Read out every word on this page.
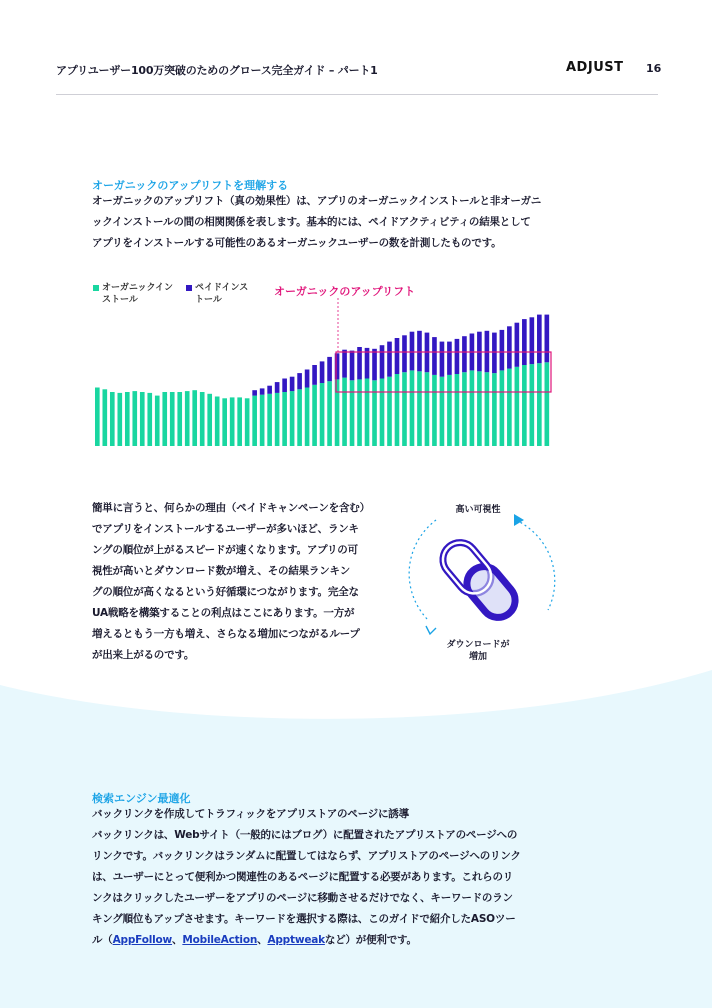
アプリユーザー100万突破のためのグロース完全ガイド – パート1	ADJUST 16
オーガニックのアップリフトを理解する
オーガニックのアップリフト（真の効果性）は、アプリのオーガニックインストールと非オーガニ
ックインストールの間の相関関係を表します。基本的には、ペイドアクティビティの結果として
アプリをインストールする可能性のあるオーガニックユーザーの数を計測したものです。
オーガニックインストール
ペイドインストール
オーガニックのアップリフト
簡単に言うと、何らかの理由（ペイドキャンペーンを含む）
でアプリをインストールするユーザーが多いほど、ランキ
ングの順位が上がるスピードが速くなります。アプリの可
視性が高いとダウンロード数が増え、その結果ランキン
グの順位が高くなるという好循環につながります。完全な
UA戦略を構築することの利点はここにあります。一方が
増えるともう一方も増え、さらなる増加につながるループ
が出来上がるのです。
高い可視性
ダウンロードが
増加
検索エンジン最適化
バックリンクを作成してトラフィックをアプリストアのページに誘導
バックリンクは、Webサイト（一般的にはブログ）に配置されたアプリストアのページへの
リンクです。バックリンクはランダムに配置してはならず、アプリストアのページへのリンク
は、ユーザーにとって便利かつ関連性のあるページに配置する必要があります。これらのリ
ンクはクリックしたユーザーをアプリのページに移動させるだけでなく、キーワードのラン
キング順位もアップさせます。キーワードを選択する際は、このガイドで紹介したASOツー
ル（AppFollow、MobileAction、Apptweakなど）が便利です。
